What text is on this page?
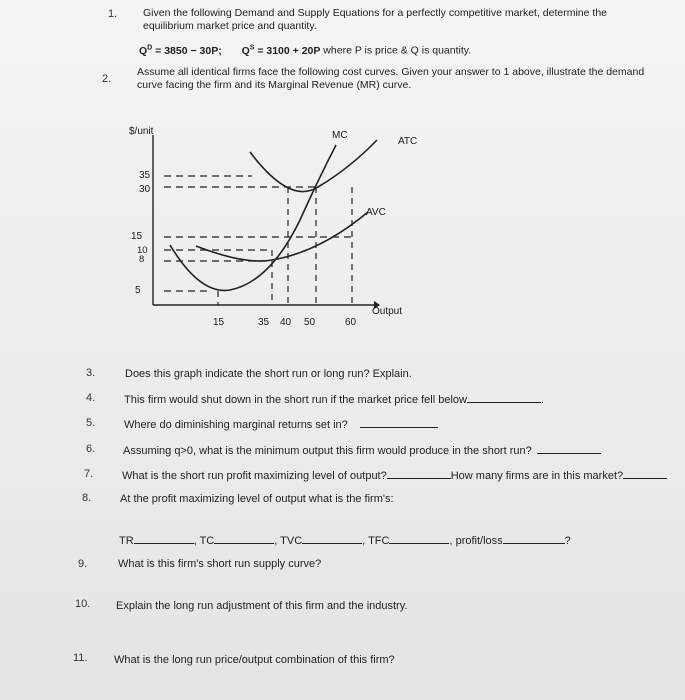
1. Given the following Demand and Supply Equations for a perfectly competitive market, determine the
equilibrium market price and quantity.
$Q^D = 3850 - 30P$; $Q^S = 3100 + 20P$ where P is price & Q is quantity.
2.
Assume all identical firms face the following cost curves. Given your answer to 1 above, illustrate the demand
curve facing the firm and its Marginal Revenue (MR) curve.
$/unit
Output
35
30
15
10
8
5
15	35 40 50	60
MC
ATC
AVC
3.	Does this graph indicate the short run or long run? Explain.
4.	This firm would shut down in the short run if the market price fell below	.
5.	Where do diminishing marginal returns set in?
6.	Assuming q>0, what is the minimum output this firm would produce in the short run?
7.	What is the short run profit maximizing level of output?	How many firms are in this market?
8.	At the profit maximizing level of output what is the firm's:
TR	, TC	, TVC	, TFC	, profit/loss	?
9.	What is this firm's short run supply curve?
10. Explain the long run adjustment of this firm and the industry.
11. What is the long run price/output combination of this firm?
